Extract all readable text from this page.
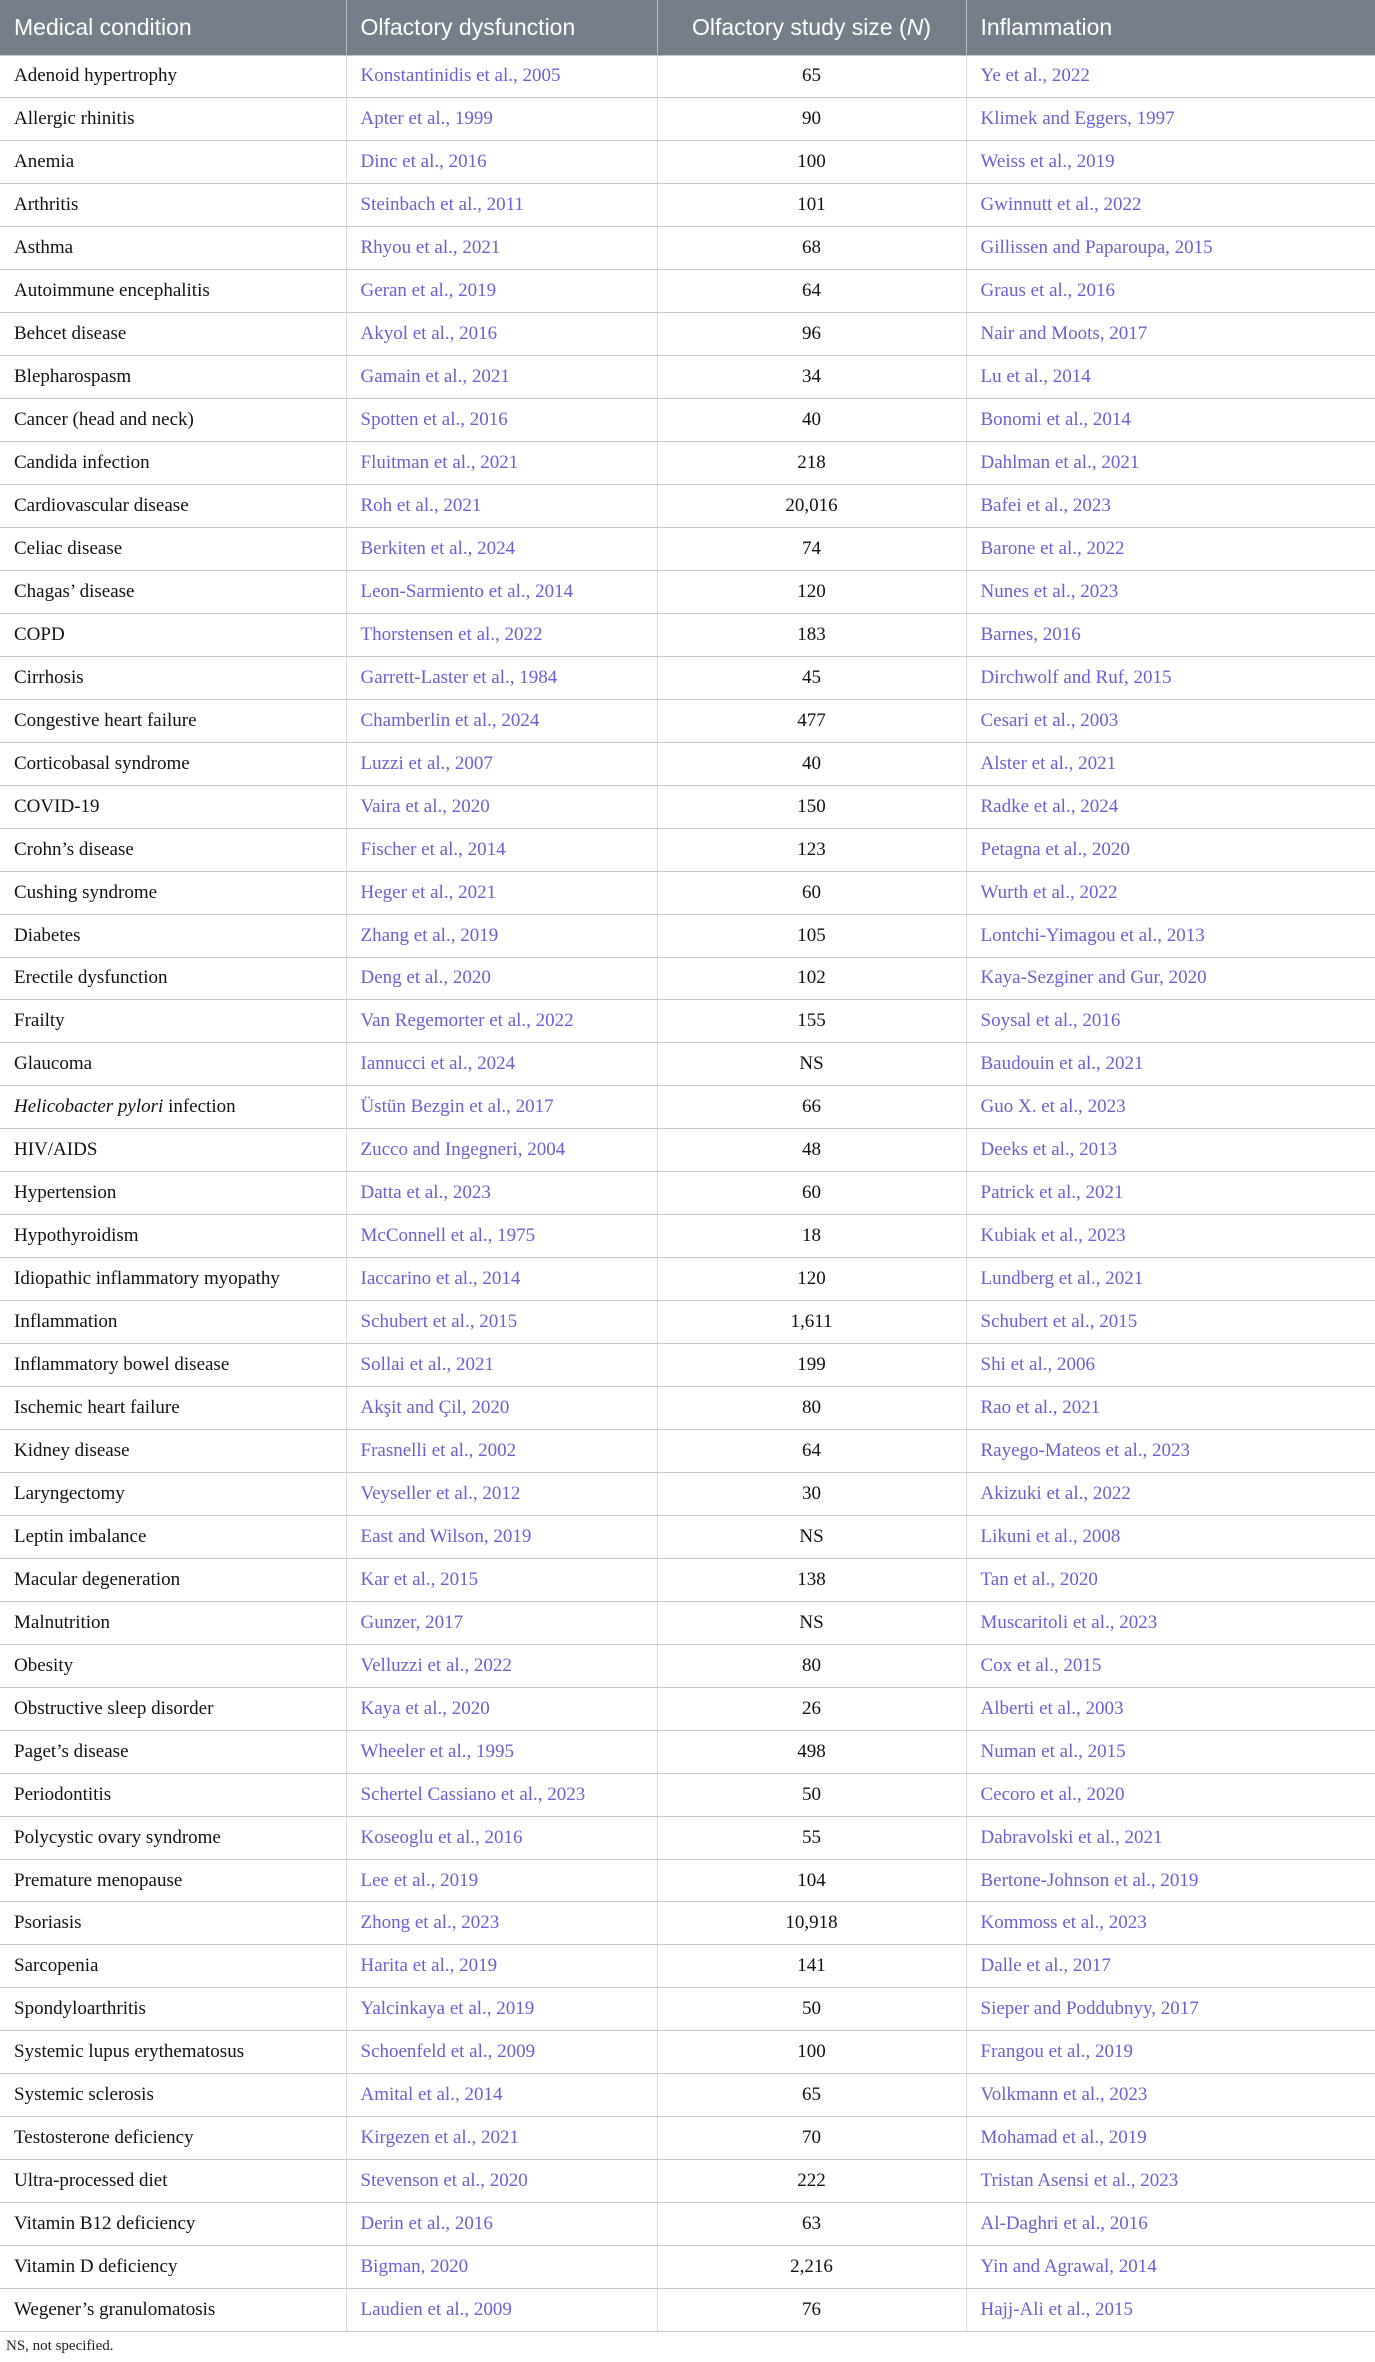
Medical condition	Olfactory dysfunction	Olfactory study size (N)	Inflammation
Adenoid hypertrophy	Konstantinidis et al., 2005	65	Ye et al., 2022
Allergic rhinitis	Apter et al., 1999	90	Klimek and Eggers, 1997
Anemia	Dinc et al., 2016	100	Weiss et al., 2019
Arthritis	Steinbach et al., 2011	101	Gwinnutt et al., 2022
Asthma	Rhyou et al., 2021	68	Gillissen and Paparoupa, 2015
Autoimmune encephalitis	Geran et al., 2019	64	Graus et al., 2016
Behcet disease	Akyol et al., 2016	96	Nair and Moots, 2017
Blepharospasm	Gamain et al., 2021	34	Lu et al., 2014
Cancer (head and neck)	Spotten et al., 2016	40	Bonomi et al., 2014
Candida infection	Fluitman et al., 2021	218	Dahlman et al., 2021
Cardiovascular disease	Roh et al., 2021	20,016	Bafei et al., 2023
Celiac disease	Berkiten et al., 2024	74	Barone et al., 2022
Chagas’ disease	Leon-Sarmiento et al., 2014	120	Nunes et al., 2023
COPD	Thorstensen et al., 2022	183	Barnes, 2016
Cirrhosis	Garrett-Laster et al., 1984	45	Dirchwolf and Ruf, 2015
Congestive heart failure	Chamberlin et al., 2024	477	Cesari et al., 2003
Corticobasal syndrome	Luzzi et al., 2007	40	Alster et al., 2021
COVID-19	Vaira et al., 2020	150	Radke et al., 2024
Crohn’s disease	Fischer et al., 2014	123	Petagna et al., 2020
Cushing syndrome	Heger et al., 2021	60	Wurth et al., 2022
Diabetes	Zhang et al., 2019	105	Lontchi-Yimagou et al., 2013
Erectile dysfunction	Deng et al., 2020	102	Kaya-Sezginer and Gur, 2020
Frailty	Van Regemorter et al., 2022	155	Soysal et al., 2016
Glaucoma	Iannucci et al., 2024	NS	Baudouin et al., 2021
Helicobacter pylori infection	Üstün Bezgin et al., 2017	66	Guo X. et al., 2023
HIV/AIDS	Zucco and Ingegneri, 2004	48	Deeks et al., 2013
Hypertension	Datta et al., 2023	60	Patrick et al., 2021
Hypothyroidism	McConnell et al., 1975	18	Kubiak et al., 2023
Idiopathic inflammatory myopathy	Iaccarino et al., 2014	120	Lundberg et al., 2021
Inflammation	Schubert et al., 2015	1,611	Schubert et al., 2015
Inflammatory bowel disease	Sollai et al., 2021	199	Shi et al., 2006
Ischemic heart failure	Akşit and Çil, 2020	80	Rao et al., 2021
Kidney disease	Frasnelli et al., 2002	64	Rayego-Mateos et al., 2023
Laryngectomy	Veyseller et al., 2012	30	Akizuki et al., 2022
Leptin imbalance	East and Wilson, 2019	NS	Likuni et al., 2008
Macular degeneration	Kar et al., 2015	138	Tan et al., 2020
Malnutrition	Gunzer, 2017	NS	Muscaritoli et al., 2023
Obesity	Velluzzi et al., 2022	80	Cox et al., 2015
Obstructive sleep disorder	Kaya et al., 2020	26	Alberti et al., 2003
Paget’s disease	Wheeler et al., 1995	498	Numan et al., 2015
Periodontitis	Schertel Cassiano et al., 2023	50	Cecoro et al., 2020
Polycystic ovary syndrome	Koseoglu et al., 2016	55	Dabravolski et al., 2021
Premature menopause	Lee et al., 2019	104	Bertone-Johnson et al., 2019
Psoriasis	Zhong et al., 2023	10,918	Kommoss et al., 2023
Sarcopenia	Harita et al., 2019	141	Dalle et al., 2017
Spondyloarthritis	Yalcinkaya et al., 2019	50	Sieper and Poddubnyy, 2017
Systemic lupus erythematosus	Schoenfeld et al., 2009	100	Frangou et al., 2019
Systemic sclerosis	Amital et al., 2014	65	Volkmann et al., 2023
Testosterone deficiency	Kirgezen et al., 2021	70	Mohamad et al., 2019
Ultra-processed diet	Stevenson et al., 2020	222	Tristan Asensi et al., 2023
Vitamin B12 deficiency	Derin et al., 2016	63	Al-Daghri et al., 2016
Vitamin D deficiency	Bigman, 2020	2,216	Yin and Agrawal, 2014
Wegener’s granulomatosis	Laudien et al., 2009	76	Hajj-Ali et al., 2015
NS, not specified.
